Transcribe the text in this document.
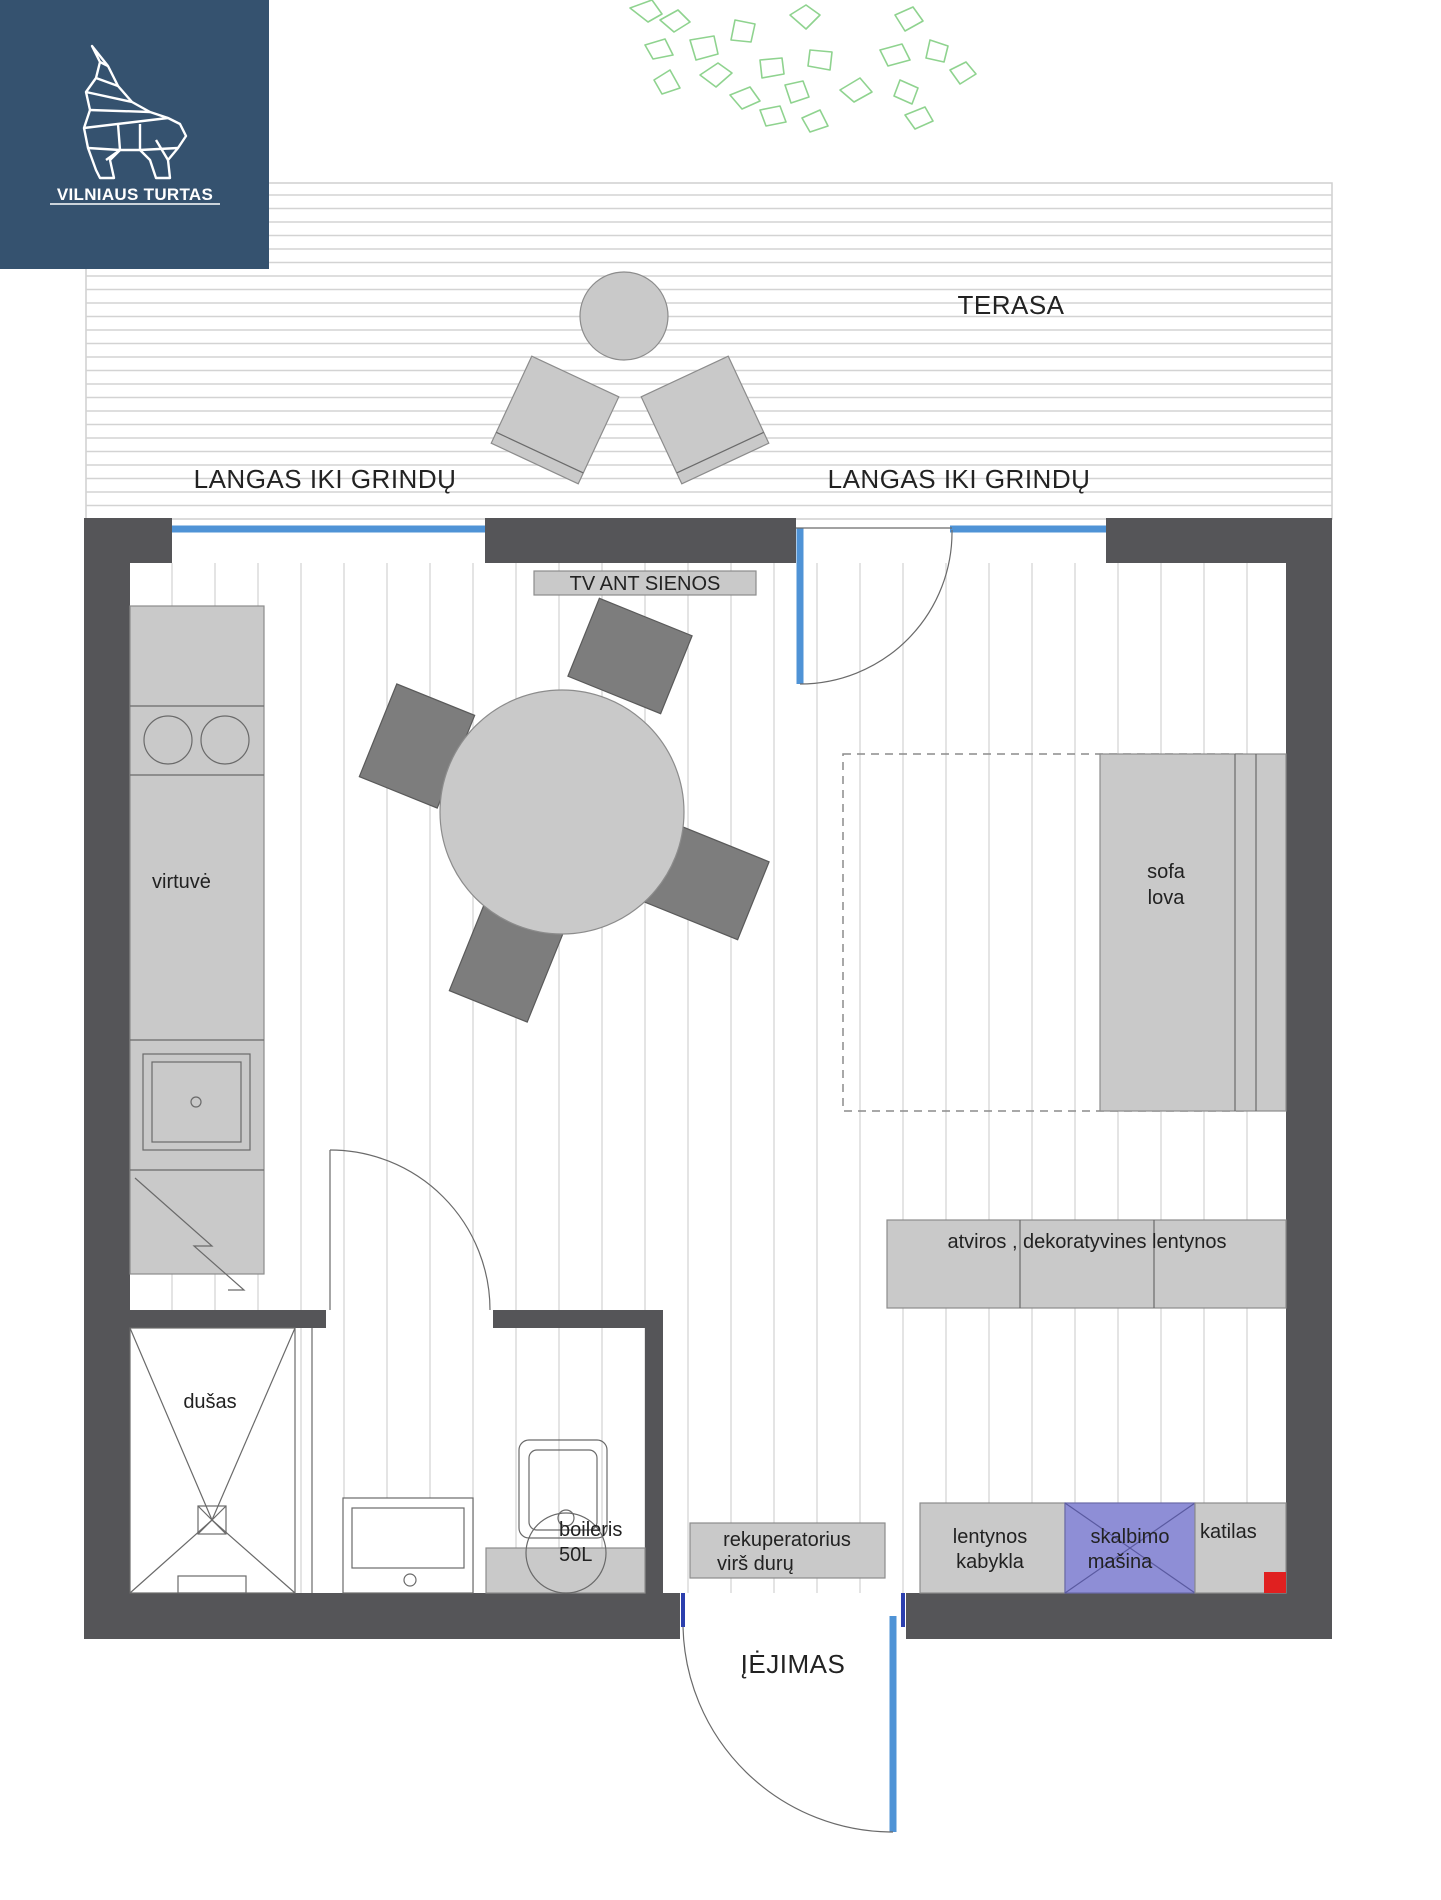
VILNIAUS TURTAS
TERASA
LANGAS IKI GRINDŲ	LANGAS IKI GRINDŲ
TV ANT SIENOS
virtuvė	sofa
lova
atviros , dekoratyvines lentynos
dušas
boileris
50L
rekuperatorius
virš durų
lentynos
kabykla
skalbimo
mašina
katilas
ĮĖJIMAS
